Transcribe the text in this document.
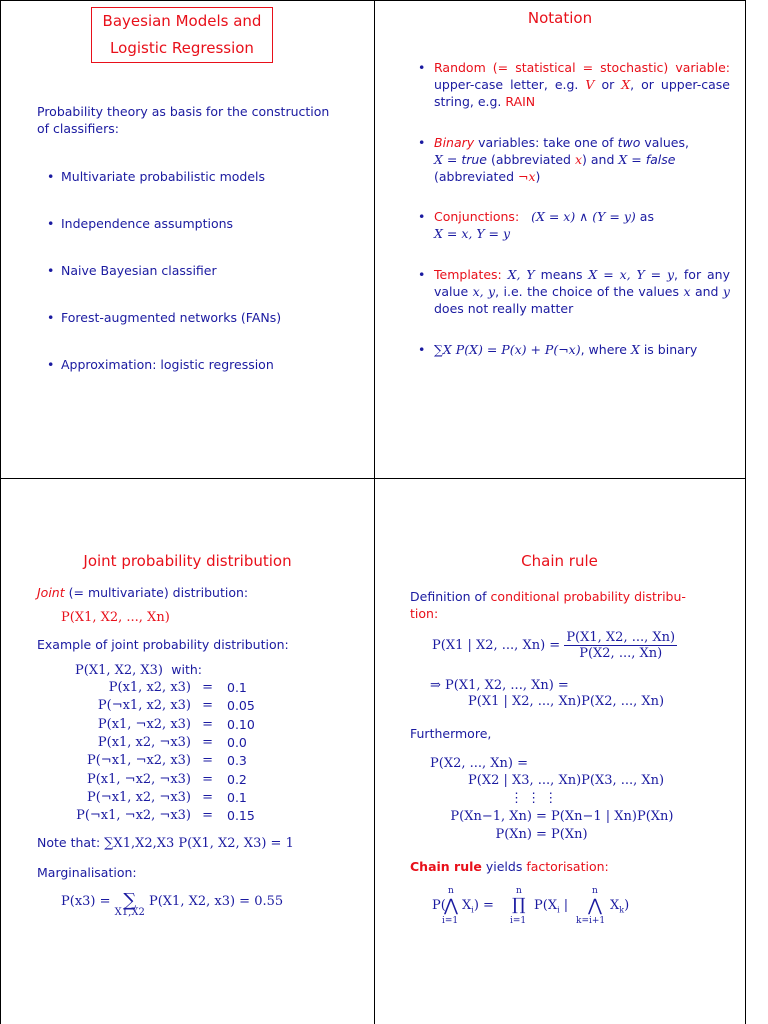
Bayesian Models and
Logistic Regression
Probability theory as basis for the construction of classifiers:
• Multivariate probabilistic models
• Independence assumptions
• Naive Bayesian classifier
• Forest-augmented networks (FANs)
• Approximation: logistic regression
Notation
• Random (= statistical = stochastic) variable: upper-case letter, e.g. V or X, or upper-case string, e.g. RAIN
• Binary variables: take one of two values,
X = true (abbreviated x) and X = false
(abbreviated ¬x)
• Conjunctions: (X = x) ∧ (Y = y) as
X = x, Y = y
• Templates: X, Y means X = x, Y = y, for any value x, y, i.e. the choice of the values x and y does not really matter
• ∑X P(X) = P(x) + P(¬x), where X is binary
Joint probability distribution
Joint (= multivariate) distribution:
P(X1, X2, ..., Xn)
Example of joint probability distribution:
P(X1, X2, X3) with:
P(x1, x2, x3) = 0.1
P(¬x1, x2, x3) = 0.05
P(x1, ¬x2, x3) = 0.10
P(x1, x2, ¬x3) = 0.0
P(¬x1, ¬x2, x3) = 0.3
P(x1, ¬x2, ¬x3) = 0.2
P(¬x1, x2, ¬x3) = 0.1
P(¬x1, ¬x2, ¬x3) = 0.15
Note that: ∑X1,X2,X3 P(X1, X2, X3) = 1
Marginalisation:
P(x3) = ∑
X1,X2
P(X1, X2, x3) = 0.55
Chain rule
Definition of conditional probability distribu-
tion:
P(X1 | X2, ..., $Xn) = \frac{P(X1, X2, ..., Xn)}{P(X2, ..., Xn)}$
⇒ P(X1, X2, ..., Xn) =
P(X1 | X2, ..., Xn)P(X2, ..., Xn)
Furthermore,
P(X2, ..., Xn) =
P(X2 | X3, ..., Xn)P(X3, ..., Xn)
⋮ ⋮ ⋮
P(Xn−1, Xn) = P(Xn−1 | Xn)P(Xn)
P(Xn) = P(Xn)
Chain rule yields factorisation:
P(
n
⋀
i=1
$X_i$) =
n
∏
i=1
$P(X_i$ |
n
⋀
k=i+1
$X_k$)
